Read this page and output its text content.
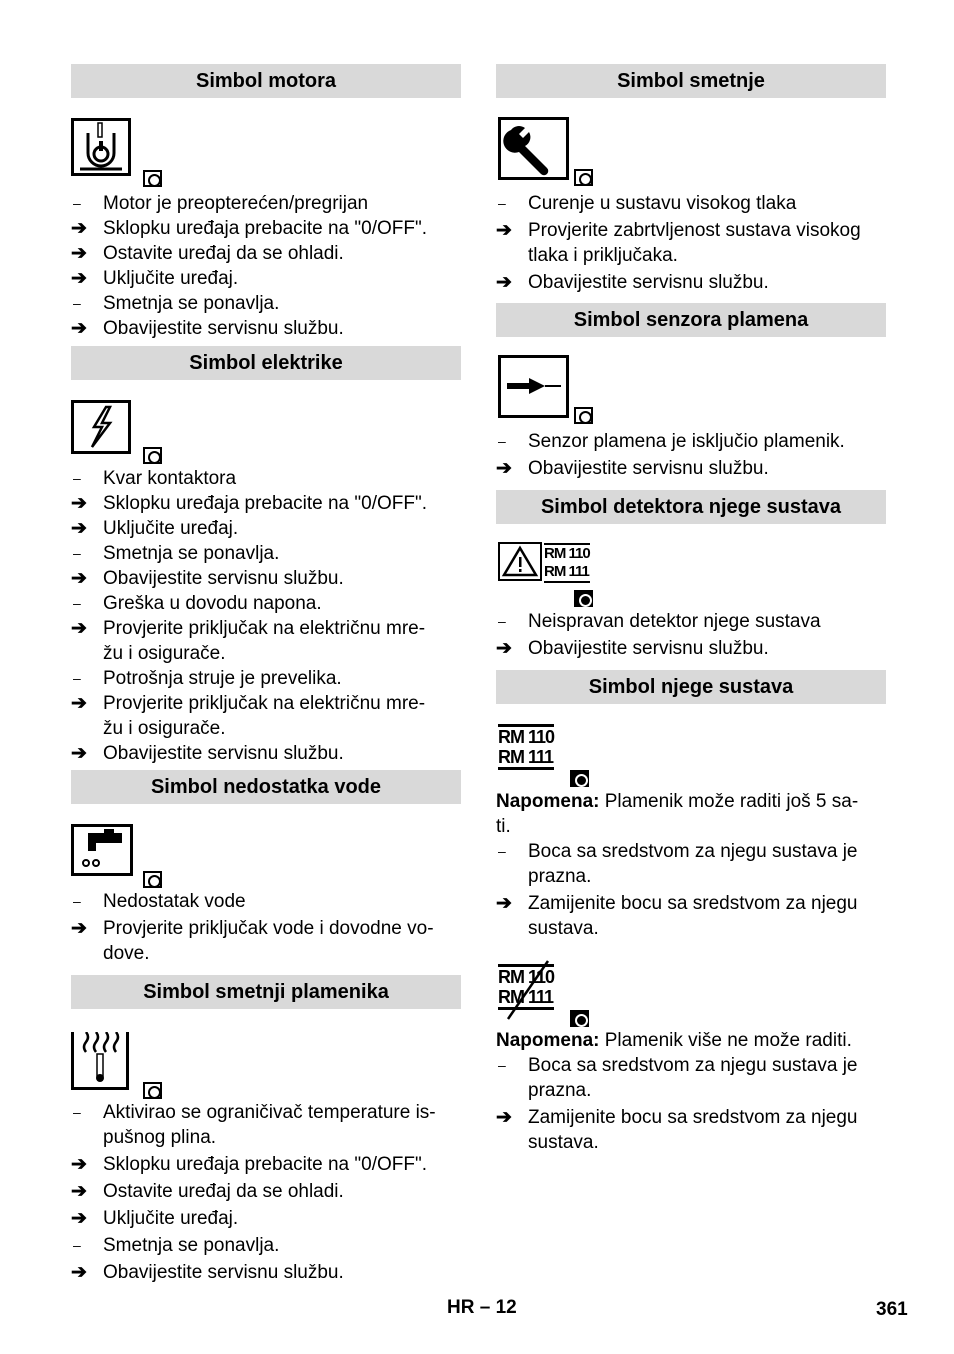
Simbol motora
–	Motor je preopterećen/pregrijan
➔ Sklopku uređaja prebacite na "0/OFF".
➔ Ostavite uređaj da se ohladi.
➔ Uključite uređaj.
–	Smetnja se ponavlja.
➔ Obavijestite servisnu službu.
Simbol elektrike
–	Kvar kontaktora
➔ Sklopku uređaja prebacite na "0/OFF".
➔ Uključite uređaj.
–	Smetnja se ponavlja.
➔ Obavijestite servisnu službu.
–	Greška u dovodu napona.
➔ Provjerite priključak na električnu mre-
žu i osigurače.
–	Potrošnja struje je prevelika.
➔ Provjerite priključak na električnu mre-
žu i osigurače.
➔ Obavijestite servisnu službu.
Simbol nedostatka vode
–	Nedostatak vode
➔ Provjerite priključak vode i dovodne vo-
dove.
Simbol smetnji plamenika
–	Aktivirao se ograničivač temperature is-
pušnog plina.
➔ Sklopku uređaja prebacite na "0/OFF".
➔ Ostavite uređaj da se ohladi.
➔ Uključite uređaj.
–	Smetnja se ponavlja.
➔ Obavijestite servisnu službu.
Simbol smetnje
–	Curenje u sustavu visokog tlaka
➔ Provjerite zabrtvljenost sustava visokog
tlaka i priključaka.
➔ Obavijestite servisnu službu.
Simbol senzora plamena
–	Senzor plamena je isključio plamenik.
➔ Obavijestite servisnu službu.
Simbol detektora njege sustava
RM 110
RM 111
–	Neispravan detektor njege sustava
➔ Obavijestite servisnu službu.
Simbol njege sustava
RM 110
RM 111
Napomena: Plamenik može raditi još 5 sa-
ti.
–	Boca sa sredstvom za njegu sustava je
prazna.
➔ Zamijenite bocu sa sredstvom za njegu
sustava.
RM 110
RM 111
Napomena: Plamenik više ne može raditi.
–	Boca sa sredstvom za njegu sustava je
prazna.
➔ Zamijenite bocu sa sredstvom za njegu
sustava.
HR – 12	361
